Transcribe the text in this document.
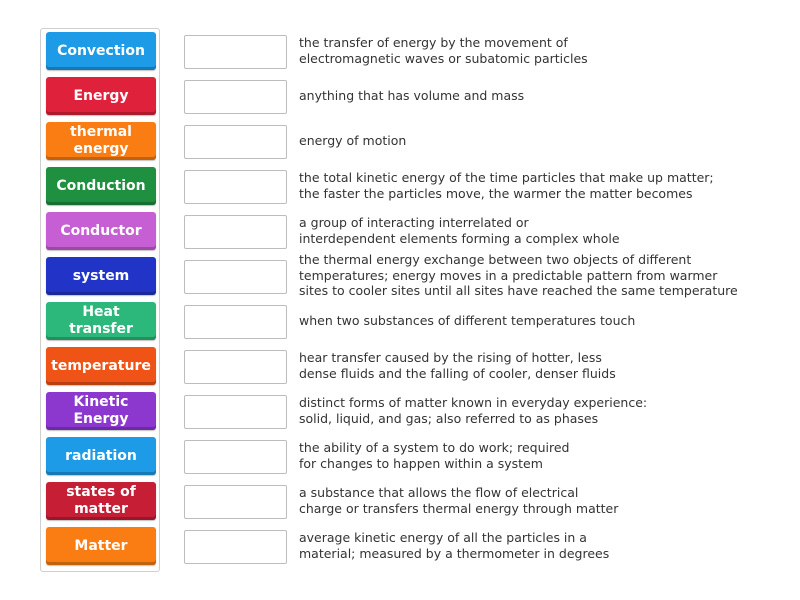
Convection
Energy
thermal energy
Conduction
Conductor
system
Heat transfer
temperature
Kinetic Energy
radiation
states of matter
Matter
the transfer of energy by the movement of
electromagnetic waves or subatomic particles
anything that has volume and mass
energy of motion
the total kinetic energy of the time particles that make up matter;
the faster the particles move, the warmer the matter becomes
a group of interacting interrelated or
interdependent elements forming a complex whole
the thermal energy exchange between two objects of different
temperatures; energy moves in a predictable pattern from warmer
sites to cooler sites until all sites have reached the same temperature
when two substances of different temperatures touch
hear transfer caused by the rising of hotter, less
dense fluids and the falling of cooler, denser fluids
distinct forms of matter known in everyday experience:
solid, liquid, and gas; also referred to as phases
the ability of a system to do work; required
for changes to happen within a system
a substance that allows the flow of electrical
charge or transfers thermal energy through matter
average kinetic energy of all the particles in a
material; measured by a thermometer in degrees
